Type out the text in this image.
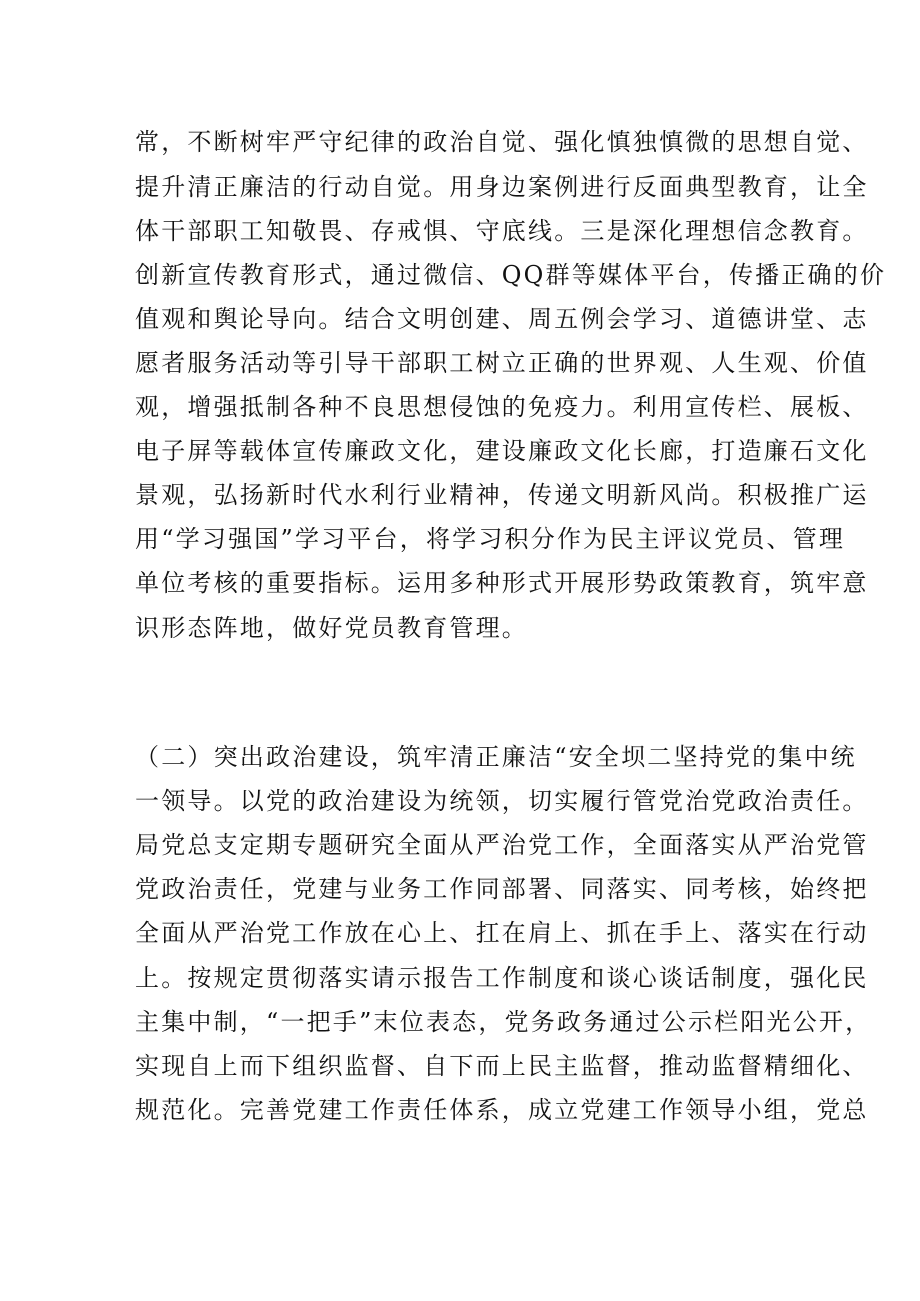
常，不断树牢严守纪律的政治自觉、强化慎独慎微的思想自觉、
提升清正廉洁的行动自觉。用身边案例进行反面典型教育，让全
体干部职工知敬畏、存戒惧、守底线。三是深化理想信念教育。
创新宣传教育形式，通过微信、QQ群等媒体平台，传播正确的价
值观和舆论导向。结合文明创建、周五例会学习、道德讲堂、志
愿者服务活动等引导干部职工树立正确的世界观、人生观、价值
观，增强抵制各种不良思想侵蚀的免疫力。利用宣传栏、展板、
电子屏等载体宣传廉政文化，建设廉政文化长廊，打造廉石文化
景观，弘扬新时代水利行业精神，传递文明新风尚。积极推广运
用“学习强国”学习平台，将学习积分作为民主评议党员、管理
单位考核的重要指标。运用多种形式开展形势政策教育，筑牢意
识形态阵地，做好党员教育管理。
（二）突出政治建设，筑牢清正廉洁“安全坝二坚持党的集中统
一领导。以党的政治建设为统领，切实履行管党治党政治责任。
局党总支定期专题研究全面从严治党工作，全面落实从严治党管
党政治责任，党建与业务工作同部署、同落实、同考核，始终把
全面从严治党工作放在心上、扛在肩上、抓在手上、落实在行动
上。按规定贯彻落实请示报告工作制度和谈心谈话制度，强化民
主集中制，“一把手”末位表态，党务政务通过公示栏阳光公开，
实现自上而下组织监督、自下而上民主监督，推动监督精细化、
规范化。完善党建工作责任体系，成立党建工作领导小组，党总
